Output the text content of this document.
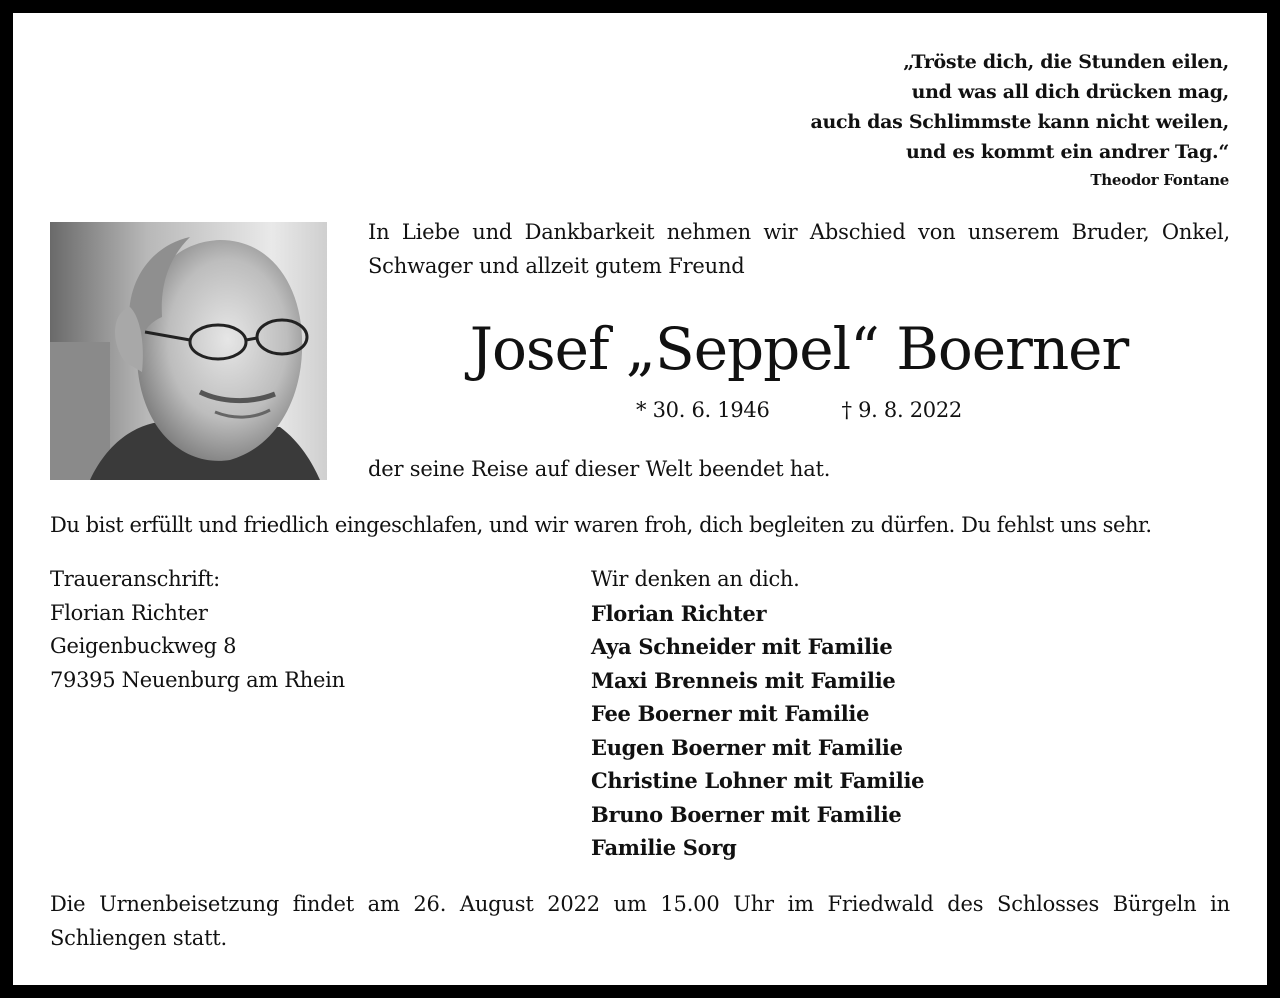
„Tröste dich, die Stunden eilen,
und was all dich drücken mag,
auch das Schlimmste kann nicht weilen,
und es kommt ein andrer Tag.“
Theodor Fontane
In Liebe und Dankbarkeit nehmen wir Abschied von unserem Bruder, Onkel, Schwager und allzeit gutem Freund
Josef „Seppel“ Boerner
* 30. 6. 1946	† 9. 8. 2022
der seine Reise auf dieser Welt beendet hat.
Du bist erfüllt und friedlich eingeschlafen, und wir waren froh, dich begleiten zu dürfen. Du fehlst uns sehr.
Traueranschrift:
Florian Richter
Geigenbuckweg 8
79395 Neuenburg am Rhein
Wir denken an dich.
Florian Richter
Aya Schneider mit Familie
Maxi Brenneis mit Familie
Fee Boerner mit Familie
Eugen Boerner mit Familie
Christine Lohner mit Familie
Bruno Boerner mit Familie
Familie Sorg
Die Urnenbeisetzung findet am 26. August 2022 um 15.00 Uhr im Friedwald des Schlosses Bürgeln in Schliengen statt.
